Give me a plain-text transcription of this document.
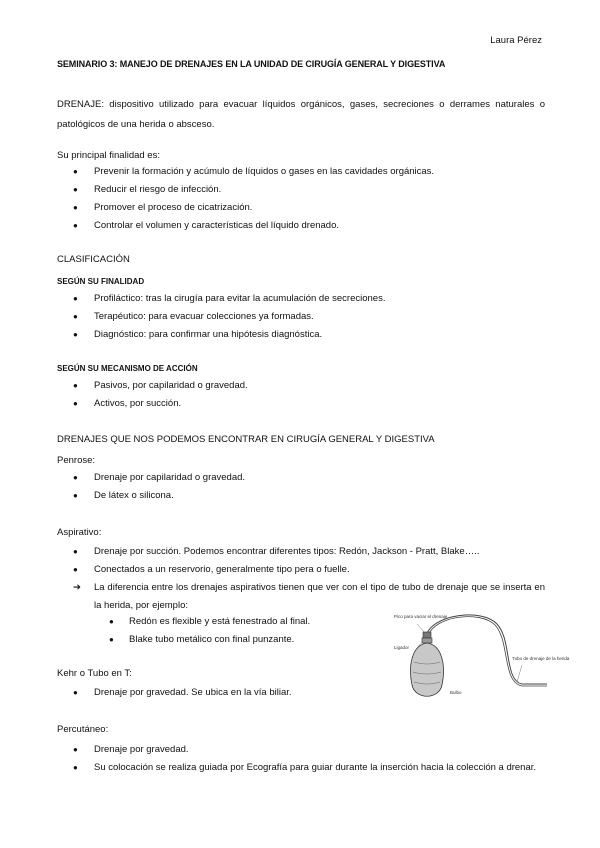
Laura Pérez
SEMINARIO 3: MANEJO DE DRENAJES EN LA UNIDAD DE CIRUGÍA GENERAL Y DIGESTIVA
DRENAJE: dispositivo utilizado para evacuar líquidos orgánicos, gases, secreciones o derrames naturales o patológicos de una herida o absceso.
Su principal finalidad es:
● Prevenir la formación y acúmulo de líquidos o gases en las cavidades orgánicas.
● Reducir el riesgo de infección.
● Promover el proceso de cicatrización.
● Controlar el volumen y características del líquido drenado.
CLASIFICACIÓN
SEGÚN SU FINALIDAD
● Profiláctico: tras la cirugía para evitar la acumulación de secreciones.
● Terapéutico: para evacuar colecciones ya formadas.
● Diagnóstico: para confirmar una hipótesis diagnóstica.
SEGÚN SU MECANISMO DE ACCIÓN
● Pasivos, por capilaridad o gravedad.
● Activos, por succión.
DRENAJES QUE NOS PODEMOS ENCONTRAR EN CIRUGÍA GENERAL Y DIGESTIVA
Penrose:
● Drenaje por capilaridad o gravedad.
● De látex o silicona.
Aspirativo:
● Drenaje por succión. Podemos encontrar diferentes tipos: Redón, Jackson - Pratt, Blake…..
● Conectados a un reservorio, generalmente tipo pera o fuelle.
➔	La diferencia entre los drenajes aspirativos tienen que ver con el tipo de tubo de drenaje que se inserta en la herida, por ejemplo:
● Redón es flexible y está fenestrado al final.
● Blake tubo metálico con final punzante.
Pico para vaciar el drenaje
Ligador
Tubo de drenaje de la herida
Bulbo
Kehr o Tubo en T:
● Drenaje por gravedad. Se ubica en la vía biliar.
Percutáneo:
● Drenaje por gravedad.
●	Su colocación se realiza guiada por Ecografía para guiar durante la inserción hacia la colección a drenar.
